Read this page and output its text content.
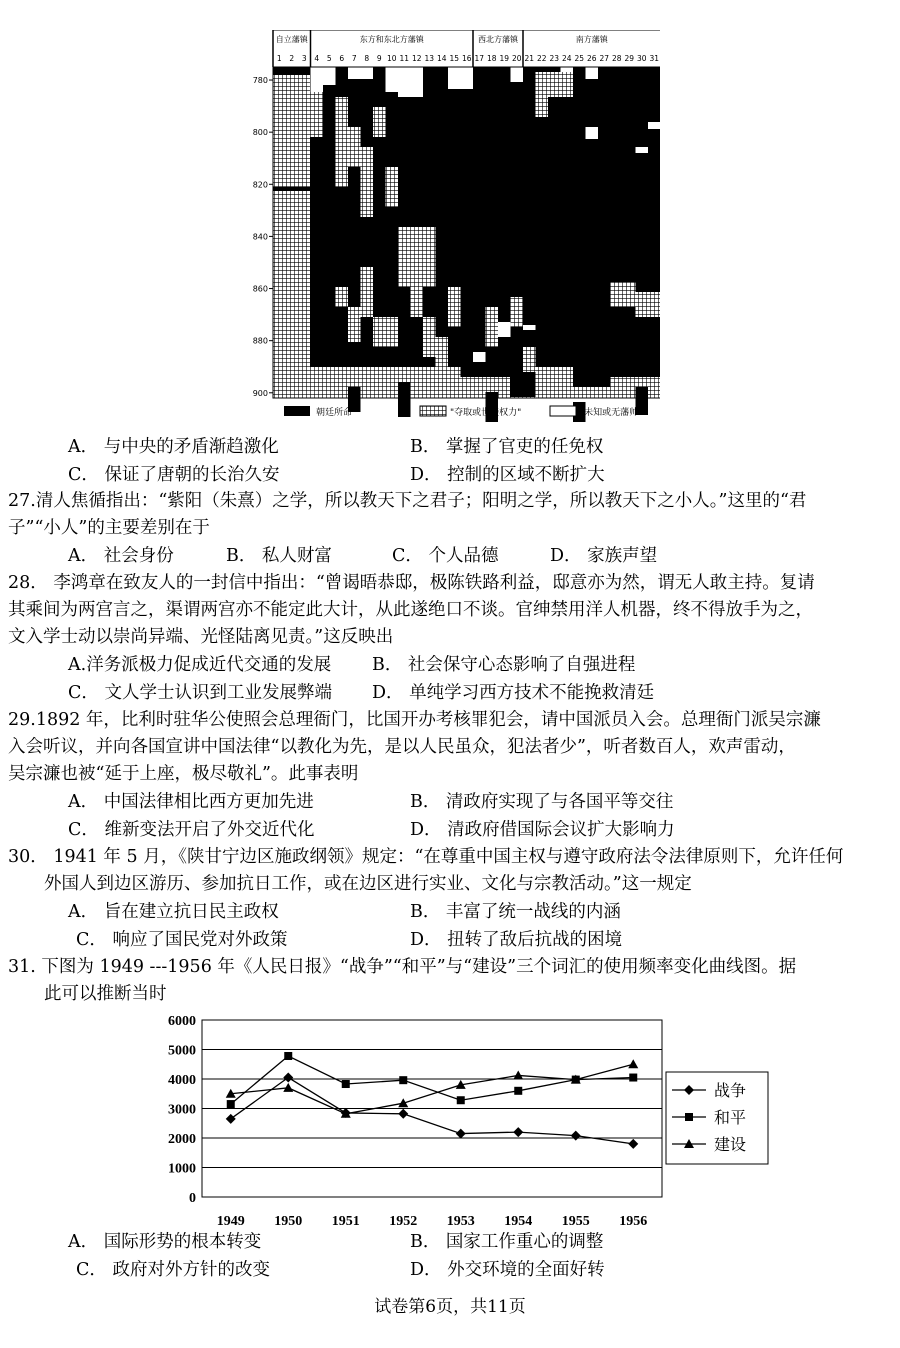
自立藩镇	东方和东北方藩镇	西北方藩镇	南方藩镇
1 2 3 4 5 6 7 8 9 10 11 12 13 14 15 16 17 18 19 20 21 22 23 24 25 26 27 28 29 30 31
780
800
820
840
860
880
900
朝廷所命	"夺取或世袭权力"	"未知或无藩帅"
A． 与中央的矛盾渐趋激化	B． 掌握了官吏的任免权
C． 保证了唐朝的长治久安	D． 控制的区域不断扩大
27.清人焦循指出：“紫阳（朱熹）之学，所以教天下之君子；阳明之学，所以教天下之小人。”这里的“君
子”“小人”的主要差别在于
A． 社会身份	B． 私人财富	C． 个人品德	D． 家族声望
28． 李鸿章在致友人的一封信中指出：“曾谒晤恭邸，极陈铁路利益，邸意亦为然，谓无人敢主持。复请
其乘间为两宫言之，渠谓两宫亦不能定此大计，从此遂绝口不谈。官绅禁用洋人机器，终不得放手为之，
文入学士动以崇尚异端、光怪陆离见责。”这反映出
A.洋务派极力促成近代交通的发展 B． 社会保守心态影响了自强进程
C． 文人学士认识到工业发展弊端 D． 单纯学习西方技术不能挽救清廷
29.1892 年，比利时驻华公使照会总理衙门，比国开办考核罪犯会，请中国派员入会。总理衙门派吴宗濂
入会听议，并向各国宣讲中国法律“以教化为先，是以人民虽众，犯法者少”，听者数百人，欢声雷动，
吴宗濂也被“延于上座，极尽敬礼”。此事表明
A． 中国法律相比西方更加先进	B． 清政府实现了与各国平等交往
C． 维新变法开启了外交近代化	D． 清政府借国际会议扩大影响力
30． 1941 年 5 月，《陕甘宁边区施政纲领》规定：“在尊重中国主权与遵守政府法令法律原则下，允许任何
外国人到边区游历、参加抗日工作，或在边区进行实业、文化与宗教活动。”这一规定
A． 旨在建立抗日民主政权	B． 丰富了统一战线的内涵
C． 响应了国民党对外政策	D． 扭转了敌后抗战的困境
31. 下图为 1949 ---1956 年《人民日报》“战争”“和平”与“建设”三个词汇的使用频率变化曲线图。据
此可以推断当时
0
1000
2000
3000
4000
5000
6000
1949 1950 1951 1952 1953 1954 1955 1956
战争
和平
建设
A． 国际形势的根本转变	B． 国家工作重心的调整
C． 政府对外方针的改变	D． 外交环境的全面好转
试卷第6页，共11页
